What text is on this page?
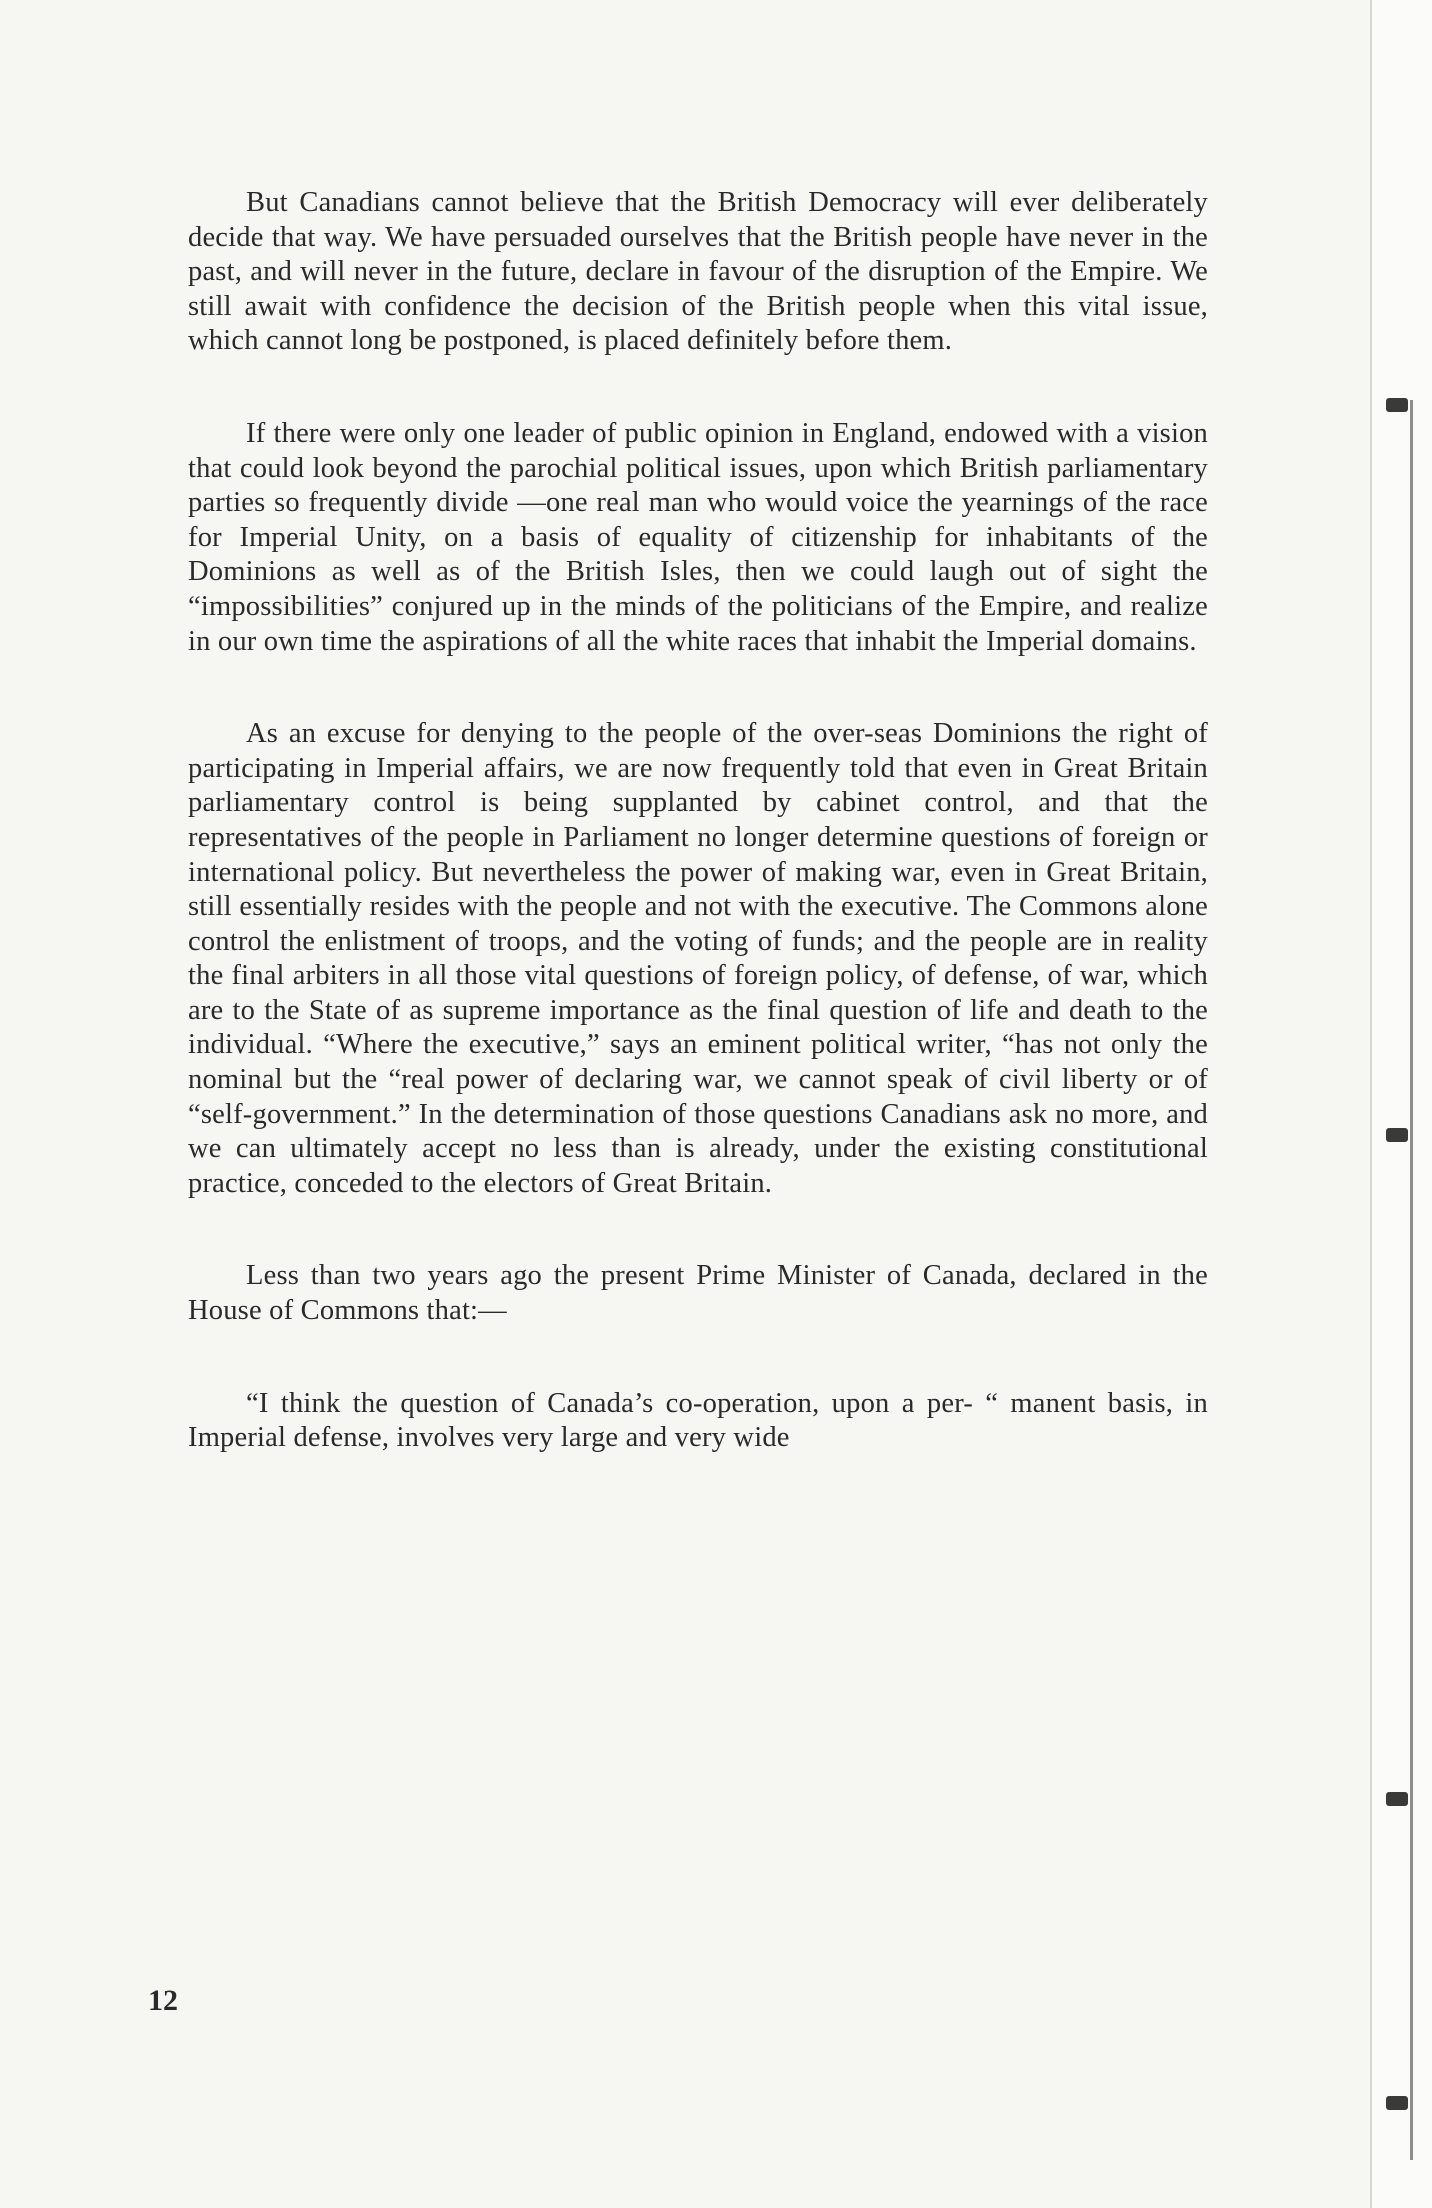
But Canadians cannot believe that the British Democracy will ever deliberately decide that way. We have persuaded ourselves that the British people have never in the past, and will never in the future, declare in favour of the disruption of the Empire. We still await with confidence the decision of the British people when this vital issue, which cannot long be postponed, is placed definitely before them.

If there were only one leader of public opinion in England, endowed with a vision that could look beyond the parochial political issues, upon which British parliamentary parties so frequently divide —one real man who would voice the yearnings of the race for Imperial Unity, on a basis of equality of citizenship for inhabitants of the Dominions as well as of the British Isles, then we could laugh out of sight the “impossibilities” conjured up in the minds of the politicians of the Empire, and realize in our own time the aspirations of all the white races that inhabit the Imperial domains.

As an excuse for denying to the people of the over-seas Dominions the right of participating in Imperial affairs, we are now frequently told that even in Great Britain parliamentary control is being supplanted by cabinet control, and that the representatives of the people in Parliament no longer determine questions of foreign or international policy. But nevertheless the power of making war, even in Great Britain, still essentially resides with the people and not with the executive. The Commons alone control the enlistment of troops, and the voting of funds; and the people are in reality the final arbiters in all those vital questions of foreign policy, of defense, of war, which are to the State of as supreme importance as the final question of life and death to the individual. “Where the executive,” says an eminent political writer, “has not only the nominal but the “real power of declaring war, we cannot speak of civil liberty or of “self-government.” In the determination of those questions Canadians ask no more, and we can ultimately accept no less than is already, under the existing constitutional practice, conceded to the electors of Great Britain.

Less than two years ago the present Prime Minister of Canada, declared in the House of Commons that:—

“I think the question of Canada’s co-operation, upon a per- “ manent basis, in Imperial defense, involves very large and very wide

12
